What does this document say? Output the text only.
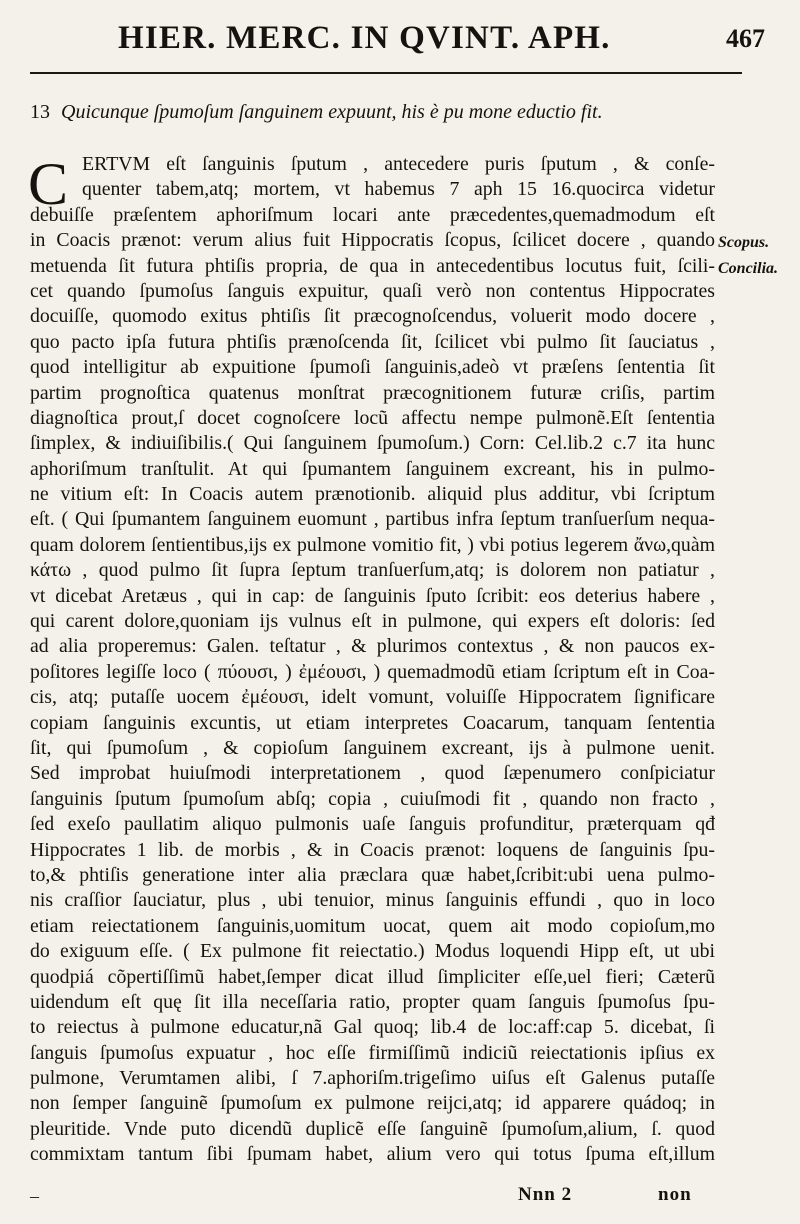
HIER. MERC. IN QVINT. APH.	467
13 Quicunque ſpumoſum ſanguinem expuunt, his è pu mone eductio fit.
C ERTVM eſt ſanguinis ſputum , antecedere puris ſputum , & conſe-
quenter tabem,atq; mortem, vt habemus 7 aph 15 16.quocirca videtur
debuiſſe præſentem aphoriſmum locari ante præcedentes,quemadmodum eſt
in Coacis prænot: verum alius fuit Hippocratis ſcopus, ſcilicet docere , quando
metuenda ſit futura phtiſis propria, de qua in antecedentibus locutus fuit, ſcili-
cet quando ſpumoſus ſanguis expuitur, quaſi verò non contentus Hippocrates
docuiſſe, quomodo exitus phtiſis ſit præcognoſcendus, voluerit modo docere ,
quo pacto ipſa futura phtiſis prænoſcenda ſit, ſcilicet vbi pulmo ſit ſauciatus ,
quod intelligitur ab expuitione ſpumoſi ſanguinis,adeò vt præſens ſententia ſit
partim prognoſtica quatenus monſtrat præcognitionem futuræ criſis, partim
diagnoſtica prout,ſ docet cognoſcere locũ affectu nempe pulmonẽ.Eſt ſententia
ſimplex, & indiuiſibilis.( Qui ſanguinem ſpumoſum.) Corn: Cel.lib.2 c.7 ita hunc
aphoriſmum tranſtulit. At qui ſpumantem ſanguinem excreant, his in pulmo-
ne vitium eſt: In Coacis autem prænotionib. aliquid plus additur, vbi ſcriptum
eſt. ( Qui ſpumantem ſanguinem euomunt , partibus infra ſeptum tranſuerſum nequa-
quam dolorem ſentientibus,ijs ex pulmone vomitio fit, ) vbi potius legerem ἄνω,quàm
κάτω , quod pulmo ſit ſupra ſeptum tranſuerſum,atq; is dolorem non patiatur ,
vt dicebat Aretæus , qui in cap: de ſanguinis ſputo ſcribit: eos deterius habere ,
qui carent dolore,quoniam ijs vulnus eſt in pulmone, qui expers eſt doloris: ſed
ad alia properemus: Galen. teſtatur , & plurimos contextus , & non paucos ex-
poſitores legiſſe loco ( πύουσι, ) ἐμέουσι, ) quemadmodũ etiam ſcriptum eſt in Coa-
cis, atq; putaſſe uocem ἐμέουσι, idelt vomunt, voluiſſe Hippocratem ſignificare
copiam ſanguinis excuntis, ut etiam interpretes Coacarum, tanquam ſententia
ſit, qui ſpumoſum , & copioſum ſanguinem excreant, ijs à pulmone uenit.
Sed improbat huiuſmodi interpretationem , quod ſæpenumero conſpiciatur
ſanguinis ſputum ſpumoſum abſq; copia , cuiuſmodi fit , quando non fracto ,
ſed exeſo paullatim aliquo pulmonis uaſe ſanguis profunditur, præterquam qđ
Hippocrates 1 lib. de morbis , & in Coacis prænot: loquens de ſanguinis ſpu-
to,& phtiſis generatione inter alia præclara quæ habet,ſcribit:ubi uena pulmo-
nis craſſior ſauciatur, plus , ubi tenuior, minus ſanguinis effundi , quo in loco
etiam reiectationem ſanguinis,uomitum uocat, quem ait modo copioſum,mo
do exiguum eſſe. ( Ex pulmone fit reiectatio.) Modus loquendi Hipp eſt, ut ubi
quodpiá cõpertiſſimũ habet,ſemper dicat illud ſimpliciter eſſe,uel fieri; Cæterũ
uidendum eſt quę ſit illa neceſſaria ratio, propter quam ſanguis ſpumoſus ſpu-
to reiectus à pulmone educatur,nã Gal quoq; lib.4 de loc:aff:cap 5. dicebat, ſi
ſanguis ſpumoſus expuatur , hoc eſſe firmiſſimũ indiciũ reiectationis ipſius ex
pulmone, Verumtamen alibi, ſ 7.aphoriſm.trigeſimo uiſus eſt Galenus putaſſe
non ſemper ſanguinẽ ſpumoſum ex pulmone reijci,atq; id apparere quádoq; in
pleuritide. Vnde puto dicendũ duplicẽ eſſe ſanguinẽ ſpumoſum,alium, ſ. quod
commixtam tantum ſibi ſpumam habet, alium vero qui totus ſpuma eſt,illum
Scopus.
Concilia.
–	Nnn 2	non
